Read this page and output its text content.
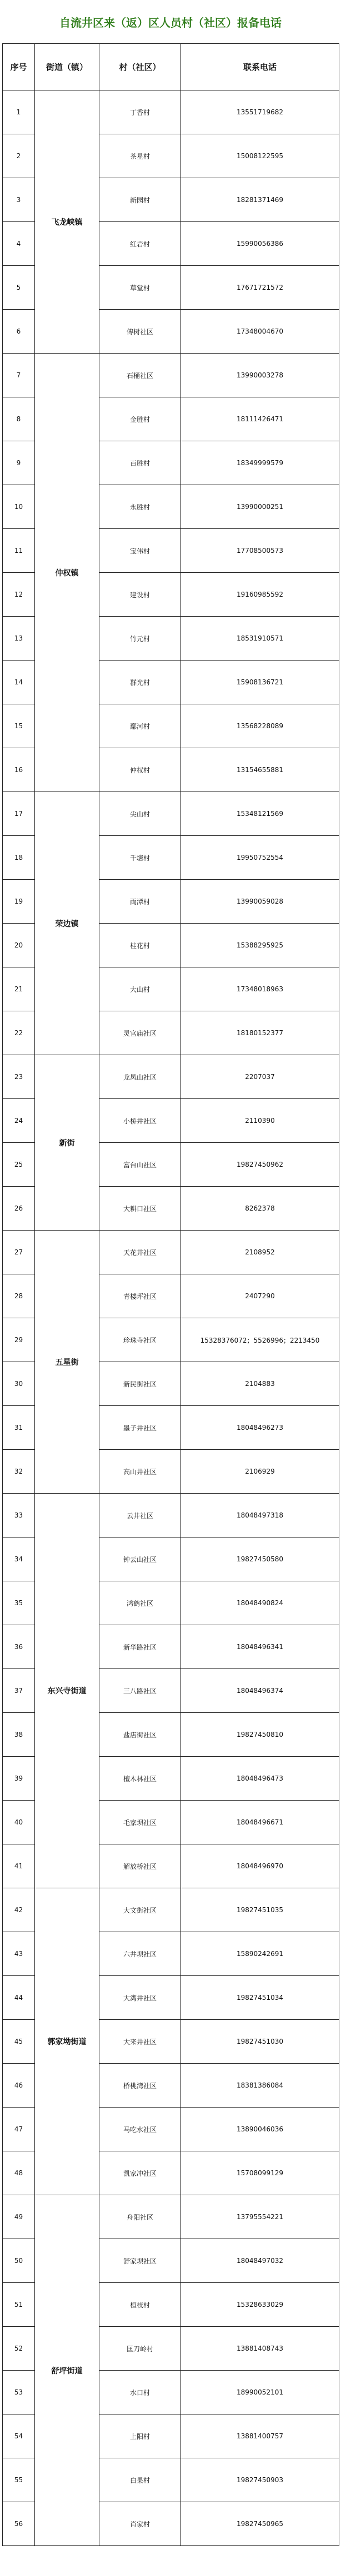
自流井区来（返）区人员村（社区）报备电话
序号	街道（镇）	村（社区）	联系电话
1	飞龙峡镇	丁香村	13551719682
2		茶星村	15008122595
3		新园村	18281371469
4		红岩村	15990056386
5		草堂村	17671721572
6		傅树社区	17348004670
7	仲权镇	石桶社区	13990003278
8		金胜村	18111426471
9		百胜村	18349999579
10		永胜村	13990000251
11		宝伟村	17708500573
12		建设村	19160985592
13		竹元村	18531910571
14		群光村	15908136721
15		鄢河村	13568228089
16		仲权村	13154655881
17	荣边镇	尖山村	15348121569
18		千塘村	19950752554
19		両潭村	13990059028
20		桂花村	15388295925
21		大山村	17348018963
22		灵官庙社区	18180152377
23	新街	龙凤山社区	2207037
24		小桥井社区	2110390
25		富台山社区	19827450962
26		大耕口社区	8262378
27	五星街	天花井社区	2108952
28		青楼坪社区	2407290
29		珍珠寺社区	15328376072；5526996；2213450
30		新民街社区	2104883
31		墨子井社区	18048496273
32		高山井社区	2106929
33	东兴寺街道	云井社区	18048497318
34		钟云山社区	19827450580
35		鸿鹤社区	18048490824
36		新华路社区	18048496341
37		三八路社区	18048496374
38		盐店街社区	19827450810
39		檀木林社区	18048496473
40		毛家坝社区	18048496671
41		解放桥社区	18048496970
42	郭家坳街道	大文街社区	19827451035
43		六井坝社区	15890242691
44		大湾井社区	19827451034
45		大来井社区	19827451030
46		桥桃湾社区	18381386084
47		马吃水社区	13890046036
48		凯家冲社区	15708099129
49	舒坪街道	舟阳社区	13795554221
50		舒家坝社区	18048497032
51		桓枝村	15328633029
52		匡刀岭村	13881408743
53		水口村	18990052101
54		上阳村	13881400757
55		白果村	19827450903
56		肖家村	19827450965
